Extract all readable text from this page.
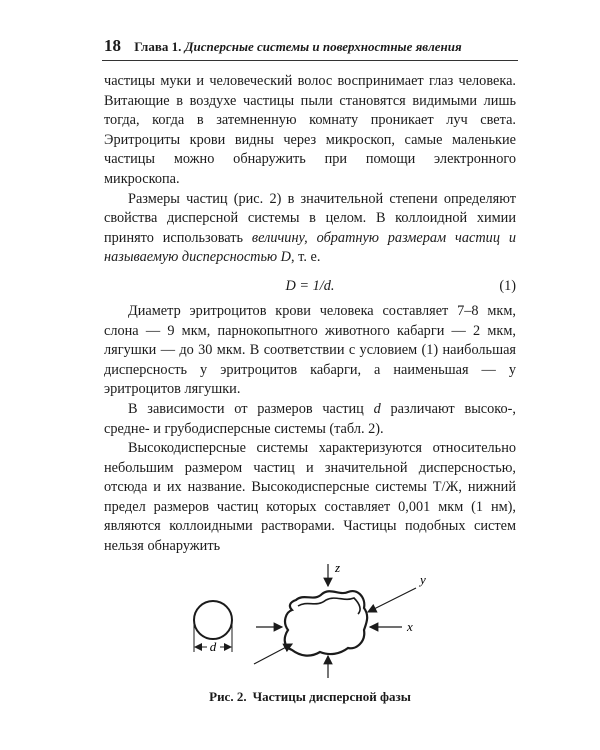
18 Глава 1. Дисперсные системы и поверхностные явления

частицы муки и человеческий волос воспринимает глаз человека. Витающие в воздухе частицы пыли становятся видимыми лишь тогда, когда в затемненную комнату проникает луч света. Эритроциты крови видны через микроскоп, самые маленькие частицы можно обнаружить при помощи электронного микроскопа.

Размеры частиц (рис. 2) в значительной степени определяют свойства дисперсной системы в целом. В коллоидной химии принято использовать величину, обратную размерам частиц и называемую дисперсностью D, т. е.

D = 1/d.	(1)

Диаметр эритроцитов крови человека составляет 7–8 мкм, слона — 9 мкм, парнокопытного животного кабарги — 2 мкм, лягушки — до 30 мкм. В соответствии с условием (1) наибольшая дисперсность у эритроцитов кабарги, а наименьшая — у эритроцитов лягушки.

В зависимости от размеров частиц d различают высоко-, средне- и грубодисперсные системы (табл. 2).

Высокодисперсные системы характеризуются относительно небольшим размером частиц и значительной дисперсностью, отсюда и их название. Высокодисперсные системы Т/Ж, нижний предел размеров частиц которых составляет 0,001 мкм (1 нм), являются коллоидными растворами. Частицы подобных систем нельзя обнаружить

d
z
y
x
Рис. 2. Частицы дисперсной фазы
